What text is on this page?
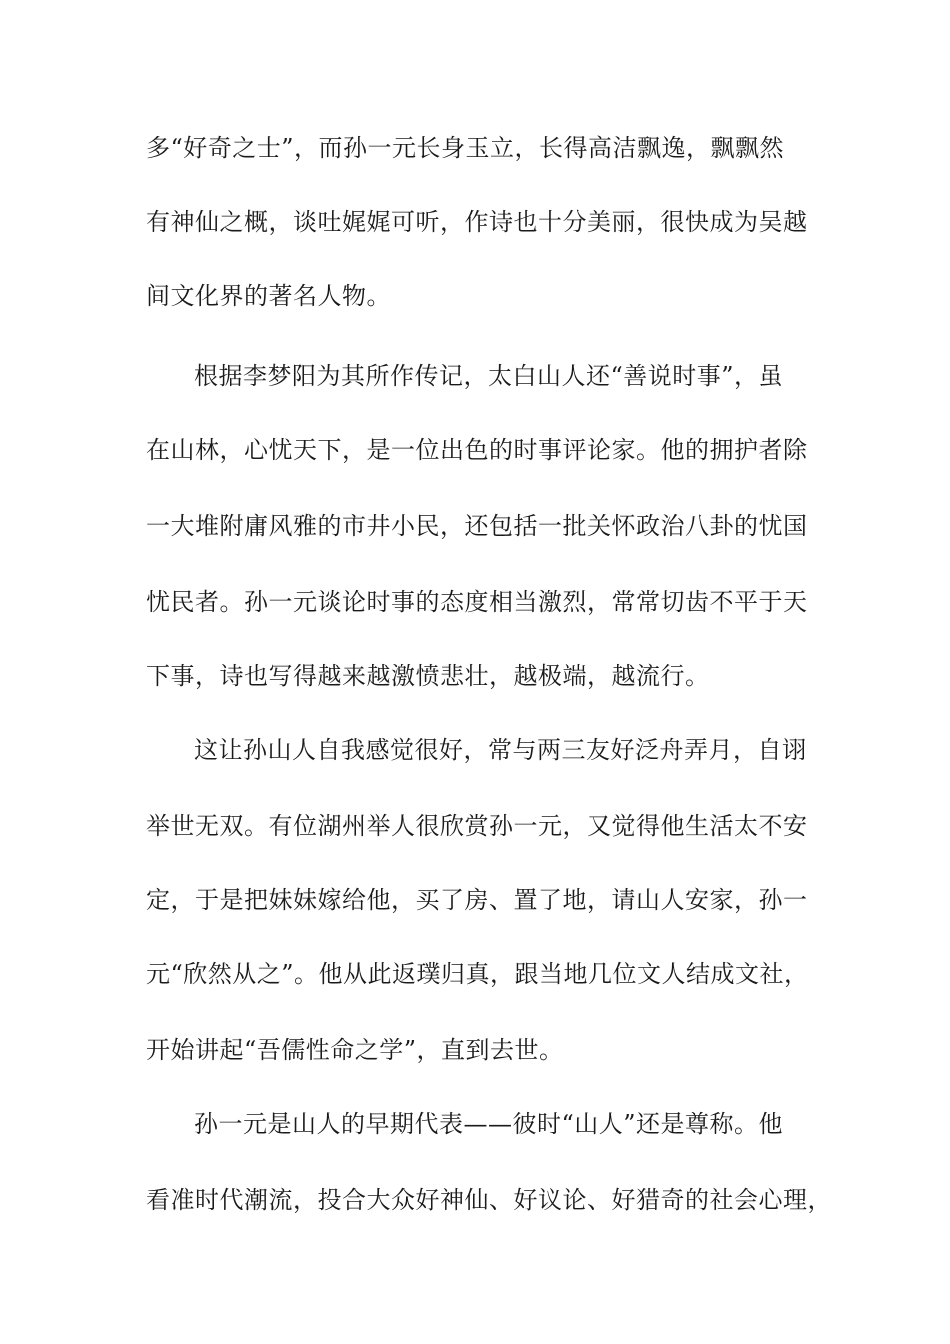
多“好奇之士”，而孙一元长身玉立，长得高洁飘逸，飘飘然
有神仙之概，谈吐娓娓可听，作诗也十分美丽，很快成为吴越
间文化界的著名人物。
根据李梦阳为其所作传记，太白山人还“善说时事”，虽
在山林，心忧天下，是一位出色的时事评论家。他的拥护者除
一大堆附庸风雅的市井小民，还包括一批关怀政治八卦的忧国
忧民者。孙一元谈论时事的态度相当激烈，常常切齿不平于天
下事，诗也写得越来越激愤悲壮，越极端，越流行。
这让孙山人自我感觉很好，常与两三友好泛舟弄月，自诩
举世无双。有位湖州举人很欣赏孙一元，又觉得他生活太不安
定，于是把妹妹嫁给他，买了房、置了地，请山人安家，孙一
元“欣然从之”。他从此返璞归真，跟当地几位文人结成文社，
开始讲起“吾儒性命之学”，直到去世。
孙一元是山人的早期代表——彼时“山人”还是尊称。他
看准时代潮流，投合大众好神仙、好议论、好猎奇的社会心理，
